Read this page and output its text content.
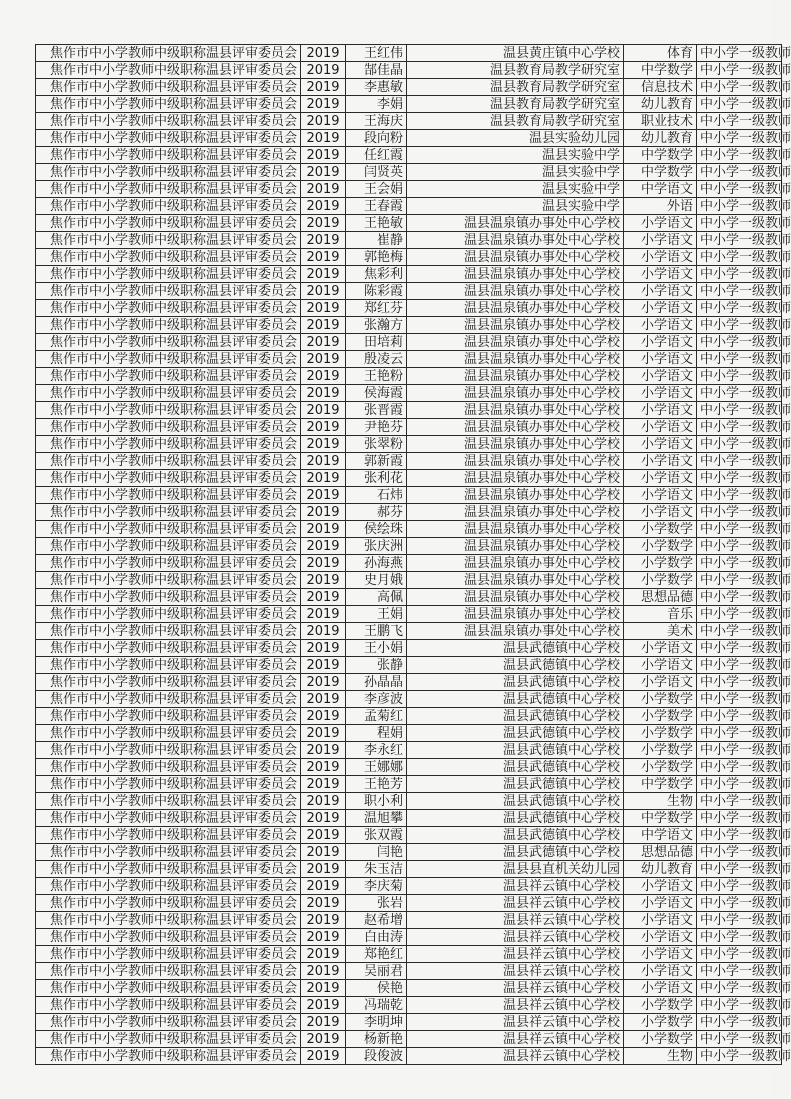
焦作市中小学教师中级职称温县评审委员会	2019	王红伟	温县黄庄镇中心学校	体育	中小学一级教师
焦作市中小学教师中级职称温县评审委员会	2019	郜佳晶	温县教育局教学研究室	中学数学	中小学一级教师
焦作市中小学教师中级职称温县评审委员会	2019	李惠敏	温县教育局教学研究室	信息技术	中小学一级教师
焦作市中小学教师中级职称温县评审委员会	2019	李娟	温县教育局教学研究室	幼儿教育	中小学一级教师
焦作市中小学教师中级职称温县评审委员会	2019	王海庆	温县教育局教学研究室	职业技术	中小学一级教师
焦作市中小学教师中级职称温县评审委员会	2019	段向粉	温县实验幼儿园	幼儿教育	中小学一级教师
焦作市中小学教师中级职称温县评审委员会	2019	任红霞	温县实验中学	中学数学	中小学一级教师
焦作市中小学教师中级职称温县评审委员会	2019	闫贤英	温县实验中学	中学数学	中小学一级教师
焦作市中小学教师中级职称温县评审委员会	2019	王会娟	温县实验中学	中学语文	中小学一级教师
焦作市中小学教师中级职称温县评审委员会	2019	王春霞	温县实验中学	外语	中小学一级教师
焦作市中小学教师中级职称温县评审委员会	2019	王艳敏	温县温泉镇办事处中心学校	小学语文	中小学一级教师
焦作市中小学教师中级职称温县评审委员会	2019	崔静	温县温泉镇办事处中心学校	小学语文	中小学一级教师
焦作市中小学教师中级职称温县评审委员会	2019	郭艳梅	温县温泉镇办事处中心学校	小学语文	中小学一级教师
焦作市中小学教师中级职称温县评审委员会	2019	焦彩利	温县温泉镇办事处中心学校	小学语文	中小学一级教师
焦作市中小学教师中级职称温县评审委员会	2019	陈彩霞	温县温泉镇办事处中心学校	小学语文	中小学一级教师
焦作市中小学教师中级职称温县评审委员会	2019	郑红芬	温县温泉镇办事处中心学校	小学语文	中小学一级教师
焦作市中小学教师中级职称温县评审委员会	2019	张瀚方	温县温泉镇办事处中心学校	小学语文	中小学一级教师
焦作市中小学教师中级职称温县评审委员会	2019	田培莉	温县温泉镇办事处中心学校	小学语文	中小学一级教师
焦作市中小学教师中级职称温县评审委员会	2019	殷凌云	温县温泉镇办事处中心学校	小学语文	中小学一级教师
焦作市中小学教师中级职称温县评审委员会	2019	王艳粉	温县温泉镇办事处中心学校	小学语文	中小学一级教师
焦作市中小学教师中级职称温县评审委员会	2019	侯海霞	温县温泉镇办事处中心学校	小学语文	中小学一级教师
焦作市中小学教师中级职称温县评审委员会	2019	张晋霞	温县温泉镇办事处中心学校	小学语文	中小学一级教师
焦作市中小学教师中级职称温县评审委员会	2019	尹艳芬	温县温泉镇办事处中心学校	小学语文	中小学一级教师
焦作市中小学教师中级职称温县评审委员会	2019	张翠粉	温县温泉镇办事处中心学校	小学语文	中小学一级教师
焦作市中小学教师中级职称温县评审委员会	2019	郭新霞	温县温泉镇办事处中心学校	小学语文	中小学一级教师
焦作市中小学教师中级职称温县评审委员会	2019	张利花	温县温泉镇办事处中心学校	小学语文	中小学一级教师
焦作市中小学教师中级职称温县评审委员会	2019	石炜	温县温泉镇办事处中心学校	小学语文	中小学一级教师
焦作市中小学教师中级职称温县评审委员会	2019	郝芬	温县温泉镇办事处中心学校	小学语文	中小学一级教师
焦作市中小学教师中级职称温县评审委员会	2019	侯绘珠	温县温泉镇办事处中心学校	小学数学	中小学一级教师
焦作市中小学教师中级职称温县评审委员会	2019	张庆洲	温县温泉镇办事处中心学校	小学数学	中小学一级教师
焦作市中小学教师中级职称温县评审委员会	2019	孙海燕	温县温泉镇办事处中心学校	小学数学	中小学一级教师
焦作市中小学教师中级职称温县评审委员会	2019	史月娥	温县温泉镇办事处中心学校	小学数学	中小学一级教师
焦作市中小学教师中级职称温县评审委员会	2019	高佩	温县温泉镇办事处中心学校	思想品德	中小学一级教师
焦作市中小学教师中级职称温县评审委员会	2019	王娟	温县温泉镇办事处中心学校	音乐	中小学一级教师
焦作市中小学教师中级职称温县评审委员会	2019	王鹏飞	温县温泉镇办事处中心学校	美术	中小学一级教师
焦作市中小学教师中级职称温县评审委员会	2019	王小娟	温县武德镇中心学校	小学语文	中小学一级教师
焦作市中小学教师中级职称温县评审委员会	2019	张静	温县武德镇中心学校	小学语文	中小学一级教师
焦作市中小学教师中级职称温县评审委员会	2019	孙晶晶	温县武德镇中心学校	小学语文	中小学一级教师
焦作市中小学教师中级职称温县评审委员会	2019	李彦波	温县武德镇中心学校	小学数学	中小学一级教师
焦作市中小学教师中级职称温县评审委员会	2019	孟菊红	温县武德镇中心学校	小学数学	中小学一级教师
焦作市中小学教师中级职称温县评审委员会	2019	程娟	温县武德镇中心学校	小学数学	中小学一级教师
焦作市中小学教师中级职称温县评审委员会	2019	李永红	温县武德镇中心学校	小学数学	中小学一级教师
焦作市中小学教师中级职称温县评审委员会	2019	王娜娜	温县武德镇中心学校	小学数学	中小学一级教师
焦作市中小学教师中级职称温县评审委员会	2019	王艳芳	温县武德镇中心学校	中学数学	中小学一级教师
焦作市中小学教师中级职称温县评审委员会	2019	职小利	温县武德镇中心学校	生物	中小学一级教师
焦作市中小学教师中级职称温县评审委员会	2019	温旭攀	温县武德镇中心学校	中学数学	中小学一级教师
焦作市中小学教师中级职称温县评审委员会	2019	张双霞	温县武德镇中心学校	中学语文	中小学一级教师
焦作市中小学教师中级职称温县评审委员会	2019	闫艳	温县武德镇中心学校	思想品德	中小学一级教师
焦作市中小学教师中级职称温县评审委员会	2019	朱玉洁	温县县直机关幼儿园	幼儿教育	中小学一级教师
焦作市中小学教师中级职称温县评审委员会	2019	李庆菊	温县祥云镇中心学校	小学语文	中小学一级教师
焦作市中小学教师中级职称温县评审委员会	2019	张岩	温县祥云镇中心学校	小学语文	中小学一级教师
焦作市中小学教师中级职称温县评审委员会	2019	赵希增	温县祥云镇中心学校	小学语文	中小学一级教师
焦作市中小学教师中级职称温县评审委员会	2019	白由涛	温县祥云镇中心学校	小学语文	中小学一级教师
焦作市中小学教师中级职称温县评审委员会	2019	郑艳红	温县祥云镇中心学校	小学语文	中小学一级教师
焦作市中小学教师中级职称温县评审委员会	2019	吴丽君	温县祥云镇中心学校	小学语文	中小学一级教师
焦作市中小学教师中级职称温县评审委员会	2019	侯艳	温县祥云镇中心学校	小学语文	中小学一级教师
焦作市中小学教师中级职称温县评审委员会	2019	冯瑞乾	温县祥云镇中心学校	小学数学	中小学一级教师
焦作市中小学教师中级职称温县评审委员会	2019	李明坤	温县祥云镇中心学校	小学数学	中小学一级教师
焦作市中小学教师中级职称温县评审委员会	2019	杨新艳	温县祥云镇中心学校	小学数学	中小学一级教师
焦作市中小学教师中级职称温县评审委员会	2019	段俊波	温县祥云镇中心学校	生物	中小学一级教师
